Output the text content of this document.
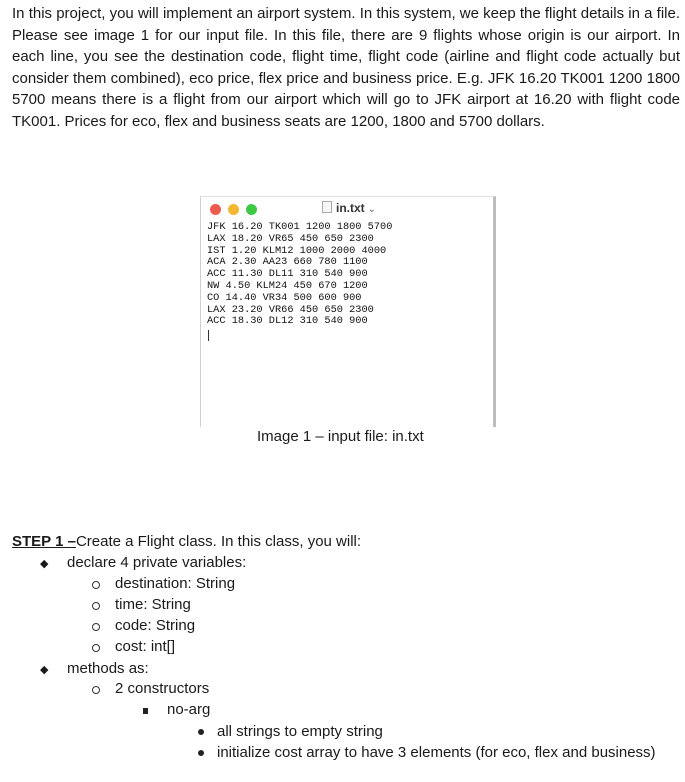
In this project, you will implement an airport system. In this system, we keep the flight details in a file. Please see image 1 for our input file. In this file, there are 9 flights whose origin is our airport. In each line, you see the destination code, flight time, flight code (airline and flight code actually but consider them combined), eco price, flex price and business price. E.g. JFK 16.20 TK001 1200 1800 5700 means there is a flight from our airport which will go to JFK airport at 16.20 with flight code TK001. Prices for eco, flex and business seats are 1200, 1800 and 5700 dollars.

in.txt ⌄
JFK 16.20 TK001 1200 1800 5700
LAX 18.20 VR65 450 650 2300
IST 1.20 KLM12 1000 2000 4000
ACA 2.30 AA23 660 780 1100
ACC 11.30 DL11 310 540 900
NW 4.50 KLM24 450 670 1200
CO 14.40 VR34 500 600 900
LAX 23.20 VR66 450 650 2300
ACC 18.30 DL12 310 540 900

Image 1 – input file: in.txt

STEP 1 –Create a Flight class. In this class, you will:

◆ declare 4 private variables:
destination: String
time: String
code: String
cost: int[]
◆ methods as:
2 constructors
no-arg
all strings to empty string
initialize cost array to have 3 elements (for eco, flex and business)
